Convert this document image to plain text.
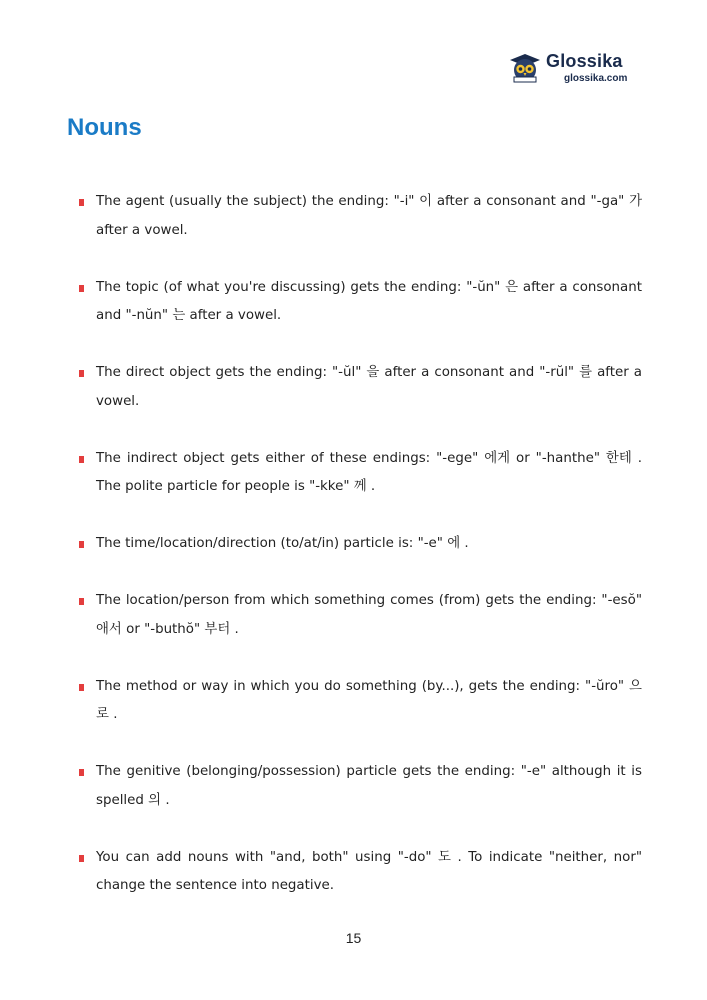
Glossika
glossika.com
Nouns
The agent (usually the subject) the ending: "-i" 이 after a consonant and "-ga" 가 after a vowel.
The topic (of what you're discussing) gets the ending: "-ŭn" 은 after a consonant and "-nŭn" 는 after a vowel.
The direct object gets the ending: "-ŭl" 을 after a consonant and "-rŭl" 를 after a vowel.
The indirect object gets either of these endings: "-ege" 에게 or "-hanthe" 한테 . The polite particle for people is "-kke" 께 .
The time/location/direction (to/at/in) particle is: "-e" 에 .
The location/person from which something comes (from) gets the ending: "-esŏ" 애서 or "-buthŏ" 부터 .
The method or way in which you do something (by...), gets the ending: "-ŭro" 으로 .
The genitive (belonging/possession) particle gets the ending: "-e" although it is spelled 의 .
You can add nouns with "and, both" using "-do" 도 . To indicate "neither, nor" change the sentence into negative.
15
